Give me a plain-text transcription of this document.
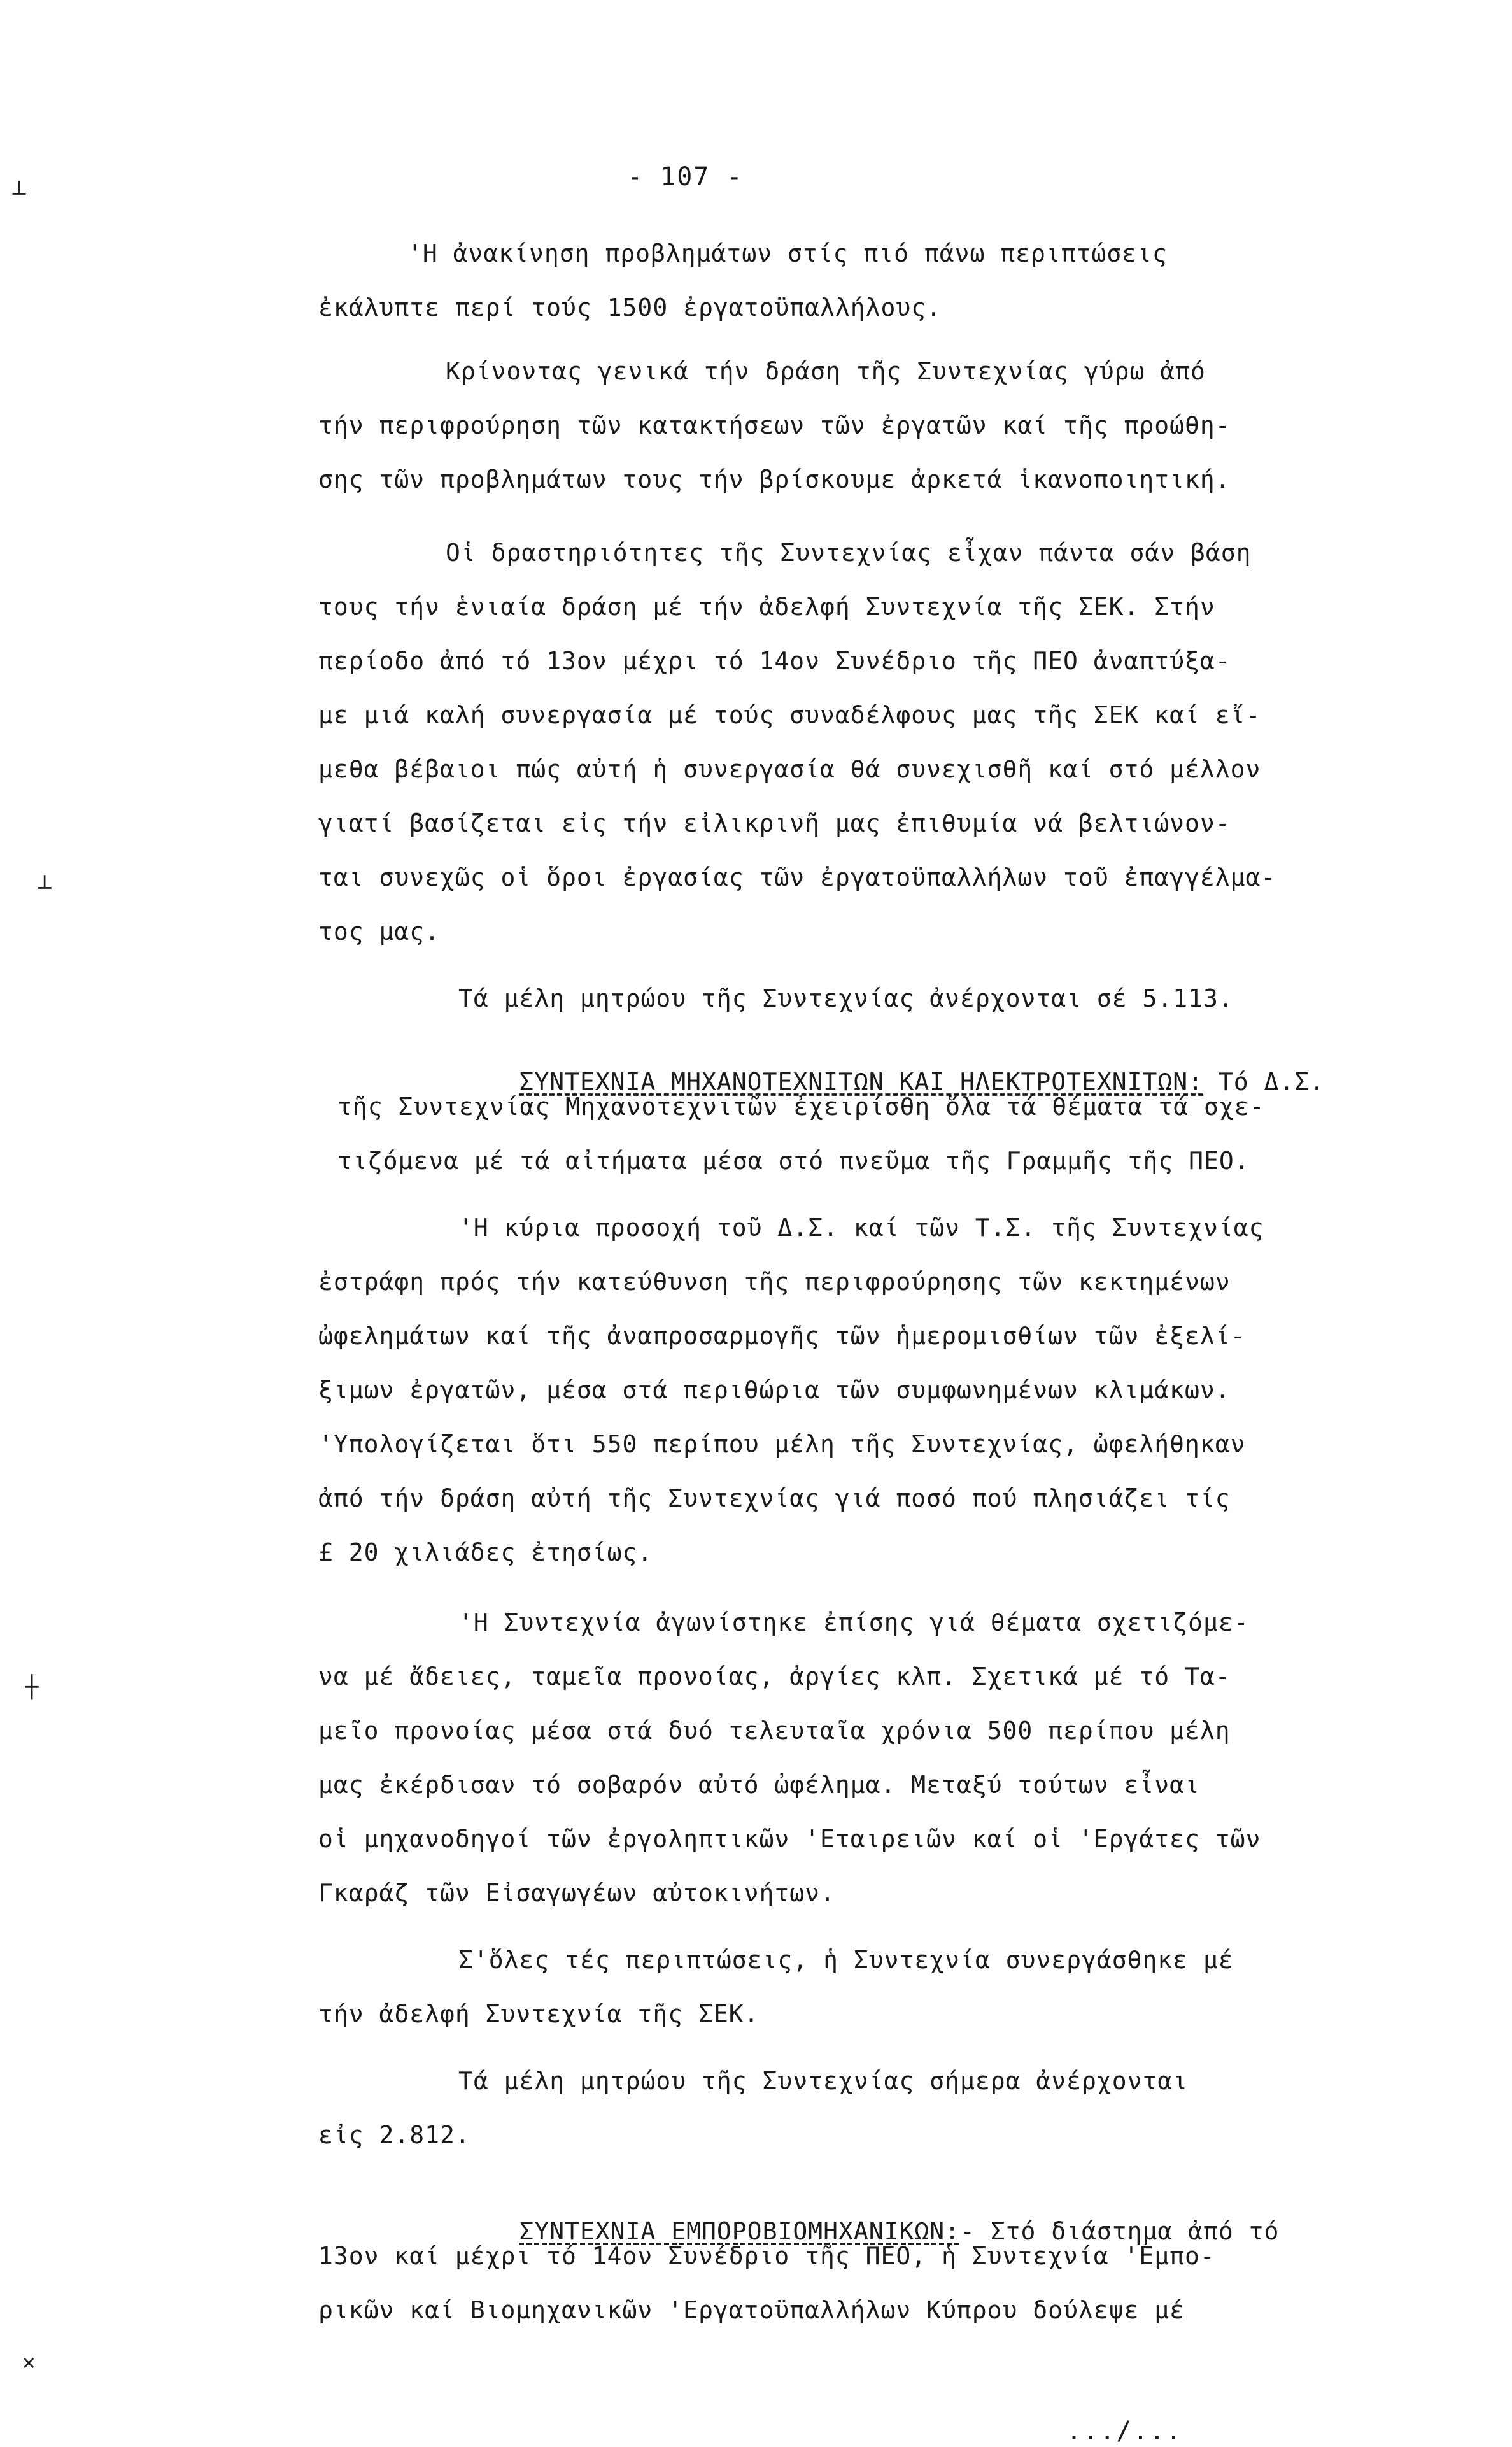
- 107 -
'Η ἀνακίνηση προβλημάτων στίς πιό πάνω περιπτώσεις
ἐκάλυπτε περί τούς 1500 ἐργατοϋπαλλήλους.
Κρίνοντας γενικά τήν δράση τῆς Συντεχνίας γύρω ἀπό
τήν περιφρούρηση τῶν κατακτήσεων τῶν ἐργατῶν καί τῆς προώθη-
σης τῶν προβλημάτων τους τήν βρίσκουμε ἀρκετά ἱκανοποιητική.
Οἱ δραστηριότητες τῆς Συντεχνίας εἶχαν πάντα σάν βάση
τους τήν ἑνιαία δράση μέ τήν ἀδελφή Συντεχνία τῆς ΣΕΚ. Στήν
περίοδο ἀπό τό 13ον μέχρι τό 14ον Συνέδριο τῆς ΠΕΟ ἀναπτύξα-
με μιά καλή συνεργασία μέ τούς συναδέλφους μας τῆς ΣΕΚ καί εἴ-
μεθα βέβαιοι πώς αὐτή ἡ συνεργασία θά συνεχισθῆ καί στό μέλλον
γιατί βασίζεται εἰς τήν εἰλικρινῆ μας ἐπιθυμία νά βελτιώνον-
ται συνεχῶς οἱ ὅροι ἐργασίας τῶν ἐργατοϋπαλλήλων τοῦ ἐπαγγέλμα-
τος μας.
Τά μέλη μητρώου τῆς Συντεχνίας ἀνέρχονται σέ 5.113.

ΣΥΝΤΕΧΝΙΑ ΜΗΧΑΝΟΤΕΧΝΙΤΩΝ ΚΑΙ ΗΛΕΚΤΡΟΤΕΧΝΙΤΩΝ: Τό Δ.Σ.

τῆς Συντεχνίας Μηχανοτεχνιτῶν ἐχειρίσθη ὅλα τά θέματα τά σχε-
τιζόμενα μέ τά αἰτήματα μέσα στό πνεῦμα τῆς Γραμμῆς τῆς ΠΕΟ.
'Η κύρια προσοχή τοῦ Δ.Σ. καί τῶν Τ.Σ. τῆς Συντεχνίας
ἐστράφη πρός τήν κατεύθυνση τῆς περιφρούρησης τῶν κεκτημένων
ὠφελημάτων καί τῆς ἀναπροσαρμογῆς τῶν ἡμερομισθίων τῶν ἐξελί-
ξιμων ἐργατῶν, μέσα στά περιθώρια τῶν συμφωνημένων κλιμάκων.
'Υπολογίζεται ὅτι 550 περίπου μέλη τῆς Συντεχνίας, ὠφελήθηκαν
ἀπό τήν δράση αὐτή τῆς Συντεχνίας γιά ποσό πού πλησιάζει τίς
£ 20 χιλιάδες ἐτησίως.
'Η Συντεχνία ἀγωνίστηκε ἐπίσης γιά θέματα σχετιζόμε-
να μέ ἄδειες, ταμεῖα προνοίας, ἀργίες κλπ. Σχετικά μέ τό Τα-
μεῖο προνοίας μέσα στά δυό τελευταῖα χρόνια 500 περίπου μέλη
μας ἐκέρδισαν τό σοβαρόν αὐτό ὠφέλημα. Μεταξύ τούτων εἶναι
οἱ μηχανοδηγοί τῶν ἐργοληπτικῶν 'Εταιρειῶν καί οἱ 'Εργάτες τῶν
Γκαράζ τῶν Εἰσαγωγέων αὐτοκινήτων.
Σ'ὅλες τές περιπτώσεις, ἡ Συντεχνία συνεργάσθηκε μέ
τήν ἀδελφή Συντεχνία τῆς ΣΕΚ.
Τά μέλη μητρώου τῆς Συντεχνίας σήμερα ἀνέρχονται
εἰς 2.812.

ΣΥΝΤΕΧΝΙΑ ΕΜΠΟΡΟΒΙΟΜΗΧΑΝΙΚΩΝ:- Στό διάστημα ἀπό τό

13ον καί μέχρι τό 14ον Συνέδριο τῆς ΠΕΟ, ἡ Συντεχνία 'Εμπο-
ρικῶν καί Βιομηχανικῶν 'Εργατοϋπαλλήλων Κύπρου δούλεψε μέ
.../...
┴
┴
┼
✕
